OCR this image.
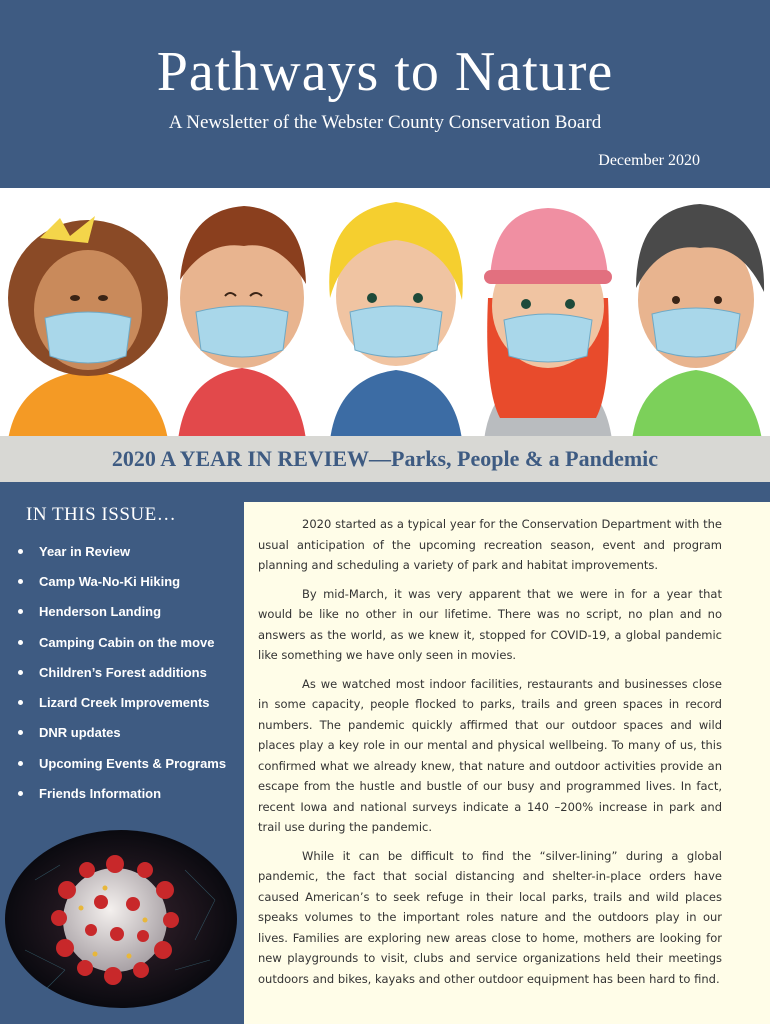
Pathways to Nature
A Newsletter of the Webster County Conservation Board
December 2020
2020 A YEAR IN REVIEW—Parks, People & a Pandemic
IN THIS ISSUE…
Year in Review
Camp Wa-No-Ki Hiking
Henderson Landing
Camping Cabin on the move
Children’s Forest additions
Lizard Creek Improvements
DNR updates
Upcoming Events & Programs
Friends Information

2020 started as a typical year for the Conservation Department with the usual anticipation of the upcoming recreation season, event and program planning and scheduling a variety of park and habitat improvements.

By mid-March, it was very apparent that we were in for a year that would be like no other in our lifetime. There was no script, no plan and no answers as the world, as we knew it, stopped for COVID-19, a global pandemic like something we have only seen in movies.

As we watched most indoor facilities, restaurants and businesses close in some capacity, people flocked to parks, trails and green spaces in record numbers. The pandemic quickly affirmed that our outdoor spaces and wild places play a key role in our mental and physical wellbeing. To many of us, this confirmed what we already knew, that nature and outdoor activities provide an escape from the hustle and bustle of our busy and programmed lives. In fact, recent Iowa and national surveys indicate a 140 –200% increase in park and trail use during the pandemic.

While it can be difficult to find the “silver-lining” during a global pandemic, the fact that social distancing and shelter-in-place orders have caused American’s to seek refuge in their local parks, trails and wild places speaks volumes to the important roles nature and the outdoors play in our lives. Families are exploring new areas close to home, mothers are looking for new playgrounds to visit, clubs and service organizations held their meetings outdoors and bikes, kayaks and other outdoor equipment has been hard to find.
